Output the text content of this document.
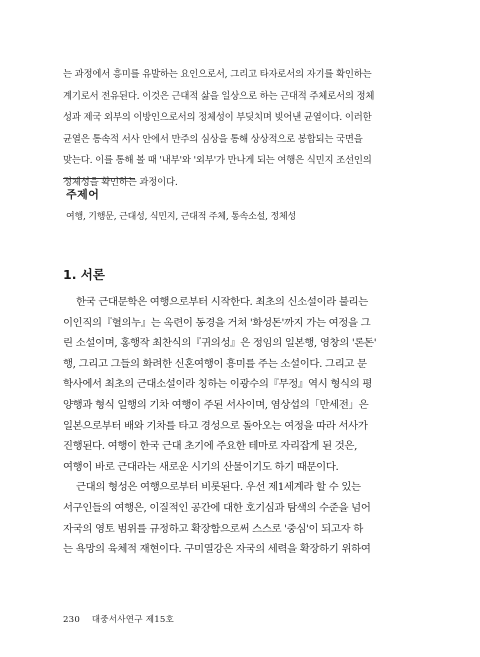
는 과정에서 흥미를 유발하는 요인으로서, 그리고 타자로서의 자기를 확인하는
계기로서 전유된다. 이것은 근대적 삶을 일상으로 하는 근대적 주체로서의 정체
성과 제국 외부의 이방인으로서의 정체성이 부딪치며 빚어낸 균열이다. 이러한
균열은 통속적 서사 안에서 만주의 심상을 통해 상상적으로 봉합되는 국면을
맞는다. 이를 통해 볼 때 '내부'와 '외부'가 만나게 되는 여행은 식민지 조선인의
정체성을 확인하는 과정이다.
주제어
여행, 기행문, 근대성, 식민지, 근대적 주체, 통속소설, 정체성
1. 서론
한국 근대문학은 여행으로부터 시작한다. 최초의 신소설이라 불리는
이인직의『혈의누』는 옥련이 동경을 거쳐 '화성돈'까지 가는 여정을 그
린 소설이며, 홍행작 최찬식의『귀의성』은 정임의 일본행, 영창의 '론돈'
행, 그리고 그들의 화려한 신혼여행이 흥미를 주는 소설이다. 그리고 문
학사에서 최초의 근대소설이라 칭하는 이광수의『무정』역시 형식의 평
양행과 형식 일행의 기차 여행이 주된 서사이며, 염상섭의「만세전」은
일본으로부터 배와 기차를 타고 경성으로 돌아오는 여정을 따라 서사가
진행된다. 여행이 한국 근대 초기에 주요한 테마로 자리잡게 된 것은,
여행이 바로 근대라는 새로운 시기의 산물이기도 하기 때문이다.
근대의 형성은 여행으로부터 비롯된다. 우선 제1세계라 할 수 있는
서구인들의 여행은, 이질적인 공간에 대한 호기심과 탐색의 수준을 넘어
자국의 영토 범위를 규정하고 확장함으로써 스스로 '중심'이 되고자 하
는 욕망의 육체적 재현이다. 구미열강은 자국의 세력을 확장하기 위하여
230 대중서사연구 제15호
